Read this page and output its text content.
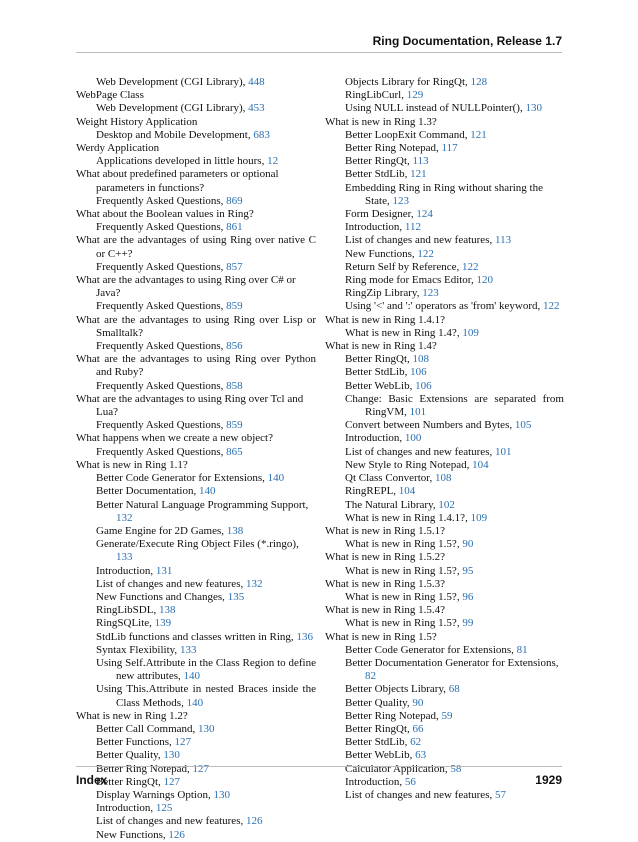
Ring Documentation, Release 1.7

Web Development (CGI Library), 448

WebPage Class

Web Development (CGI Library), 453

Weight History Application

Desktop and Mobile Development, 683

Werdy Application

Applications developed in little hours, 12

What about predefined parameters or optional parameters in functions?

Frequently Asked Questions, 869

What about the Boolean values in Ring?

Frequently Asked Questions, 861

What are the advantages of using Ring over native C or C++?

Frequently Asked Questions, 857

What are the advantages to using Ring over C# or Java?

Frequently Asked Questions, 859

What are the advantages to using Ring over Lisp or Smalltalk?

Frequently Asked Questions, 856

What are the advantages to using Ring over Python and Ruby?

Frequently Asked Questions, 858

What are the advantages to using Ring over Tcl and Lua?

Frequently Asked Questions, 859

What happens when we create a new object?

Frequently Asked Questions, 865

What is new in Ring 1.1?

Better Code Generator for Extensions, 140

Better Documentation, 140

Better Natural Language Programming Support, 132

Game Engine for 2D Games, 138

Generate/Execute Ring Object Files (*.ringo), 133

Introduction, 131

List of changes and new features, 132

New Functions and Changes, 135

RingLibSDL, 138

RingSQLite, 139

StdLib functions and classes written in Ring, 136

Syntax Flexibility, 133

Using Self.Attribute in the Class Region to define new attributes, 140

Using This.Attribute in nested Braces inside the Class Methods, 140

What is new in Ring 1.2?

Better Call Command, 130

Better Functions, 127

Better Quality, 130

Better Ring Notepad, 127

Better RingQt, 127

Display Warnings Option, 130

Introduction, 125

List of changes and new features, 126

New Functions, 126

Objects Library for RingQt, 128

RingLibCurl, 129

Using NULL instead of NULLPointer(), 130

What is new in Ring 1.3?

Better LoopExit Command, 121

Better Ring Notepad, 117

Better RingQt, 113

Better StdLib, 121

Embedding Ring in Ring without sharing the State, 123

Form Designer, 124

Introduction, 112

List of changes and new features, 113

New Functions, 122

Return Self by Reference, 122

Ring mode for Emacs Editor, 120

RingZip Library, 123

Using '<' and ':' operators as 'from' keyword, 122

What is new in Ring 1.4.1?

What is new in Ring 1.4?, 109

What is new in Ring 1.4?

Better RingQt, 108

Better StdLib, 106

Better WebLib, 106

Change: Basic Extensions are separated from RingVM, 101

Convert between Numbers and Bytes, 105

Introduction, 100

List of changes and new features, 101

New Style to Ring Notepad, 104

Qt Class Convertor, 108

RingREPL, 104

The Natural Library, 102

What is new in Ring 1.4.1?, 109

What is new in Ring 1.5.1?

What is new in Ring 1.5?, 90

What is new in Ring 1.5.2?

What is new in Ring 1.5?, 95

What is new in Ring 1.5.3?

What is new in Ring 1.5?, 96

What is new in Ring 1.5.4?

What is new in Ring 1.5?, 99

What is new in Ring 1.5?

Better Code Generator for Extensions, 81

Better Documentation Generator for Extensions, 82

Better Objects Library, 68

Better Quality, 90

Better Ring Notepad, 59

Better RingQt, 66

Better StdLib, 62

Better WebLib, 63

Calculator Application, 58

Introduction, 56

List of changes and new features, 57

Index	1929
